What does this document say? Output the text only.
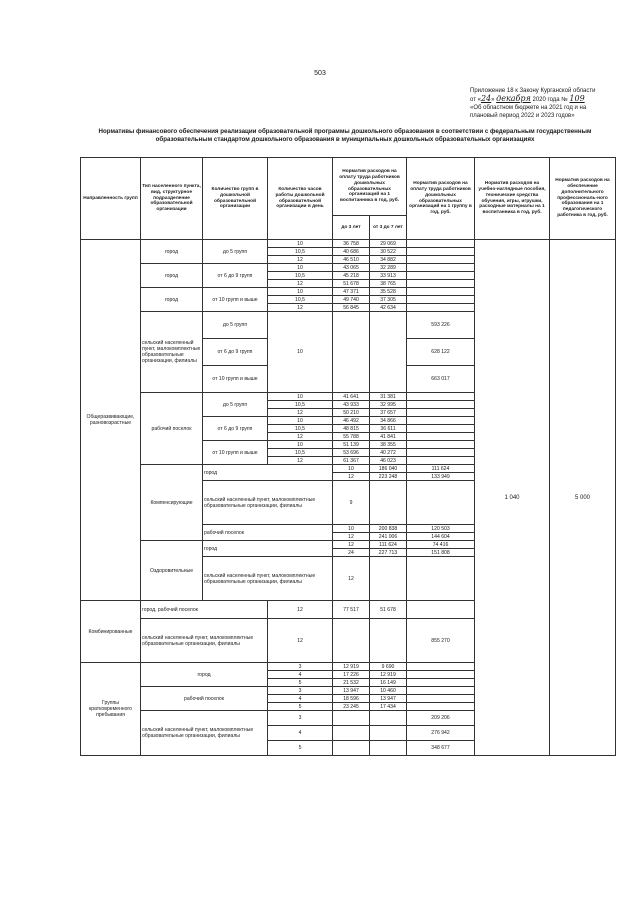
503
Приложение 18 к Закону Курганской области
от «24» декабря 2020 года № 109
«Об областном бюджете на 2021 год и на
плановый период 2022 и 2023 годов»
Нормативы финансового обеспечения реализации образовательной программы дошкольного образования в соответствии с федеральным государственным образовательным стандартом дошкольного образования в муниципальных дошкольных образовательных организациях
Направленность групп	Тип населенного пункта, вид, структурное подразделение образовательной организации	Количество групп в дошкольной образовательной организации	Количество часов работы дошкольной образовательной организации в день	Норматив расходов на оплату труда работников дошкольных образовательных организаций на 1 воспитанника в год, руб.		Норматив расходов на оплату труда работников дошкольных образовательных организаций на 1 группу в год, руб.	Норматив расходов на учебно-наглядные пособия, технические средства обучения, игры, игрушки, расходные материалы на 1 воспитанника в год, руб.	Норматив расходов на обеспечение дополнительного профессиональ-ного образования на 1 педагогического работника в год, руб.	
				до 3 лет	от 3 до 7 лет				
Общеразвивающие, разновозрастные	город	до 5 групп	10	36 758	29 069		1 040	5 000	
			10,5	40 686	30 522				
			12	46 510	34 882				
	город	от 6 до 9 групп	10	43 065	32 289				
			10,5	45 218	33 913				
			12	51 678	38 765				
	город	от 10 групп и выше	10	47 371	35 528				
			10,5	49 740	37 305				
			12	56 845	42 634				
	сельский населенный пункт, малокомплектные образовательные организации, филиалы	до 5 групп	10			593 226			
		от 6 до 9 групп				628 122			
		от 10 групп и выше				663 017			
	рабочий поселок	до 5 групп	10	41 641	31 381				
			10,5	43 933	32 995				
			12	50 210	37 657				
		от 6 до 9 групп	10	46 492	34 866				
			10,5	48 815	36 611				
			12	55 788	41 841				
		от 10 групп и выше	10	51 139	38 355				
			10,5	53 696	40 272				
			12	61 367	46 023				
	Компенсирующие	город		10	186 040	111 624			
				12	223 248	133 949			
		сельский населенный пункт, малокомплектные образовательные организации, филиалы		9			
		рабочий поселок		10	200 838	120 503			
				12	241 006	144 604			
	Оздоровительные	город		12	111 624	74 416			
				24	227 713	151 808			
		сельский населенный пункт, малокомплектные образовательные организации, филиалы		12			
Комбинированные	город, рабочий поселок		12	77 517	51 678				
	сельский населенный пункт, малокомплектные образовательные организации, филиалы		12			855 270			
Группы кратковременного пребывания	город		3	12 919	9 690				
			4	17 226	12 919				
			5	21 532	16 149				
	рабочий поселок		3	13 947	10 460				
			4	18 596	13 947				
			5	23 245	17 434				
	сельский населенный пункт, малокомплектные образовательные организации, филиалы		3			209 206			
			4			276 942			
			5			348 677			
